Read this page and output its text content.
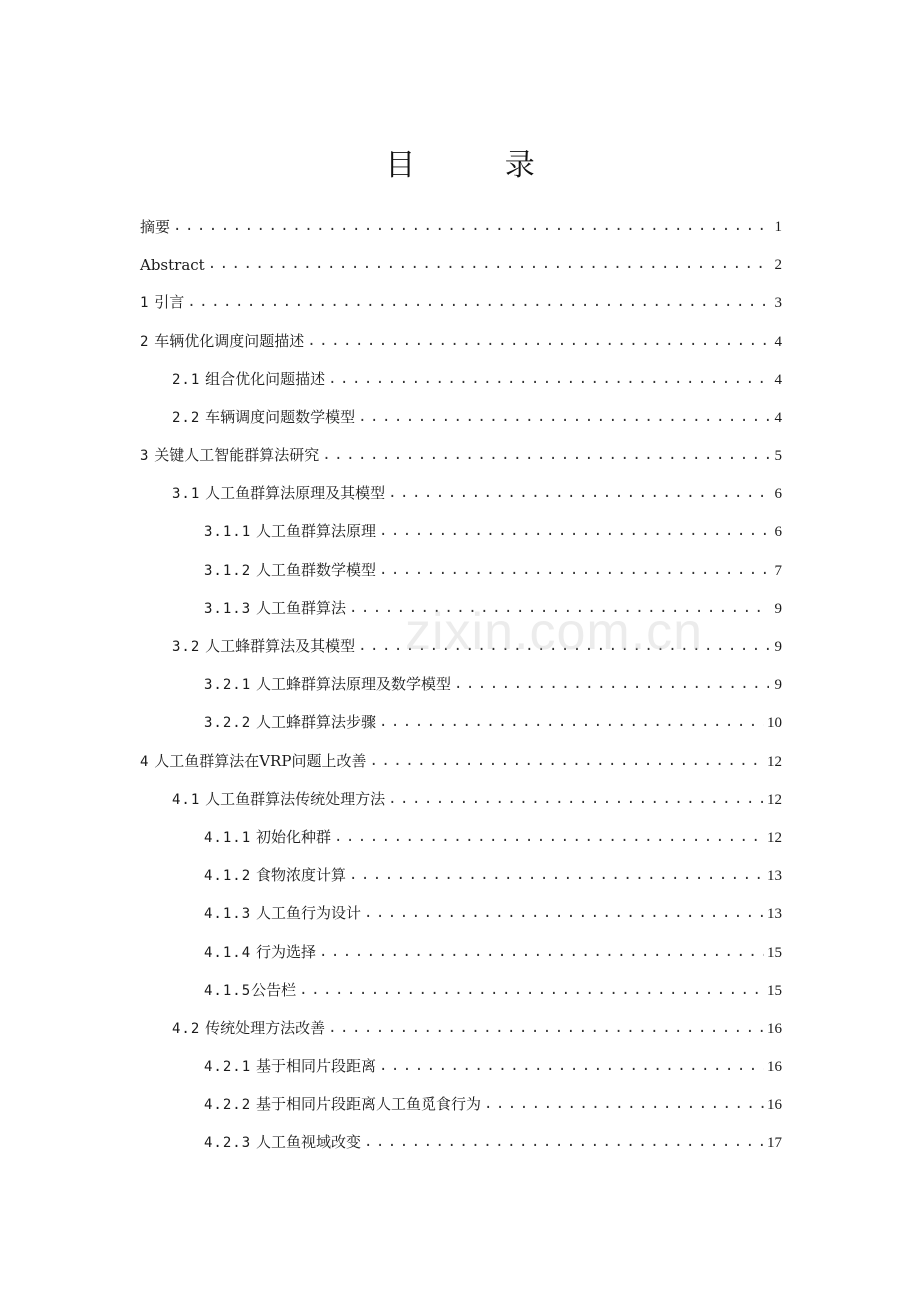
目 录
摘要 .....	1
Abstract .....	2
1 引言 .....	3
2 车辆优化调度问题描述 .....	4
2.1 组合优化问题描述 .....	4
2.2 车辆调度问题数学模型 .....	4
3 关键人工智能群算法研究 .....	5
3.1 人工鱼群算法原理及其模型 .....	6
3.1.1 人工鱼群算法原理 .....	6
3.1.2 人工鱼群数学模型 .....	7
3.1.3 人工鱼群算法 .....	9
3.2 人工蜂群算法及其模型 .....	9
3.2.1 人工蜂群算法原理及数学模型 .....	9
3.2.2 人工蜂群算法步骤 .....	10
4 人工鱼群算法在VRP问题上改善 .....	12
4.1 人工鱼群算法传统处理方法 .....	12
4.1.1 初始化种群 .....	12
4.1.2 食物浓度计算 .....	13
4.1.3 人工鱼行为设计 .....	13
4.1.4 行为选择 .....	15
4.1.5公告栏 .....	15
4.2 传统处理方法改善 .....	16
4.2.1 基于相同片段距离 .....	16
4.2.2 基于相同片段距离人工鱼觅食行为 .....	16
4.2.3 人工鱼视域改变 .....	17
zixin.com.cn
